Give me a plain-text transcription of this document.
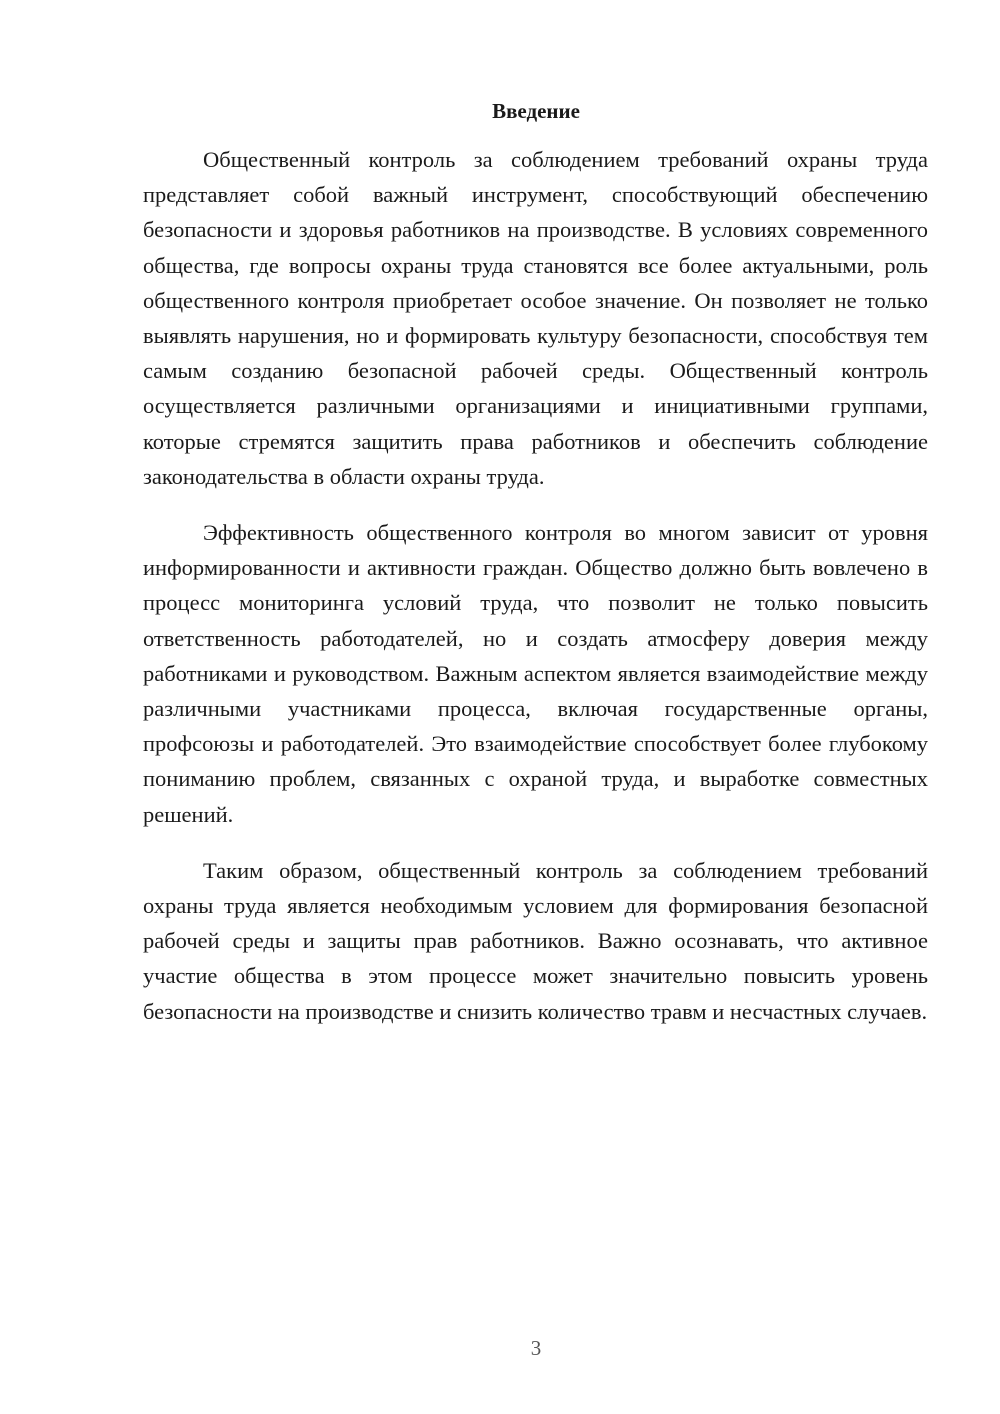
Введение

Общественный контроль за соблюдением требований охраны труда представляет собой важный инструмент, способствующий обеспечению безопасности и здоровья работников на производстве. В условиях современного общества, где вопросы охраны труда становятся все более актуальными, роль общественного контроля приобретает особое значение. Он позволяет не только выявлять нарушения, но и формировать культуру безопасности, способствуя тем самым созданию безопасной рабочей среды. Общественный контроль осуществляется различными организациями и инициативными группами, которые стремятся защитить права работников и обеспечить соблюдение законодательства в области охраны труда.

Эффективность общественного контроля во многом зависит от уровня информированности и активности граждан. Общество должно быть вовлечено в процесс мониторинга условий труда, что позволит не только повысить ответственность работодателей, но и создать атмосферу доверия между работниками и руководством. Важным аспектом является взаимодействие между различными участниками процесса, включая государственные органы, профсоюзы и работодателей. Это взаимодействие способствует более глубокому пониманию проблем, связанных с охраной труда, и выработке совместных решений.

Таким образом, общественный контроль за соблюдением требований охраны труда является необходимым условием для формирования безопасной рабочей среды и защиты прав работников. Важно осознавать, что активное участие общества в этом процессе может значительно повысить уровень безопасности на производстве и снизить количество травм и несчастных случаев.

3
